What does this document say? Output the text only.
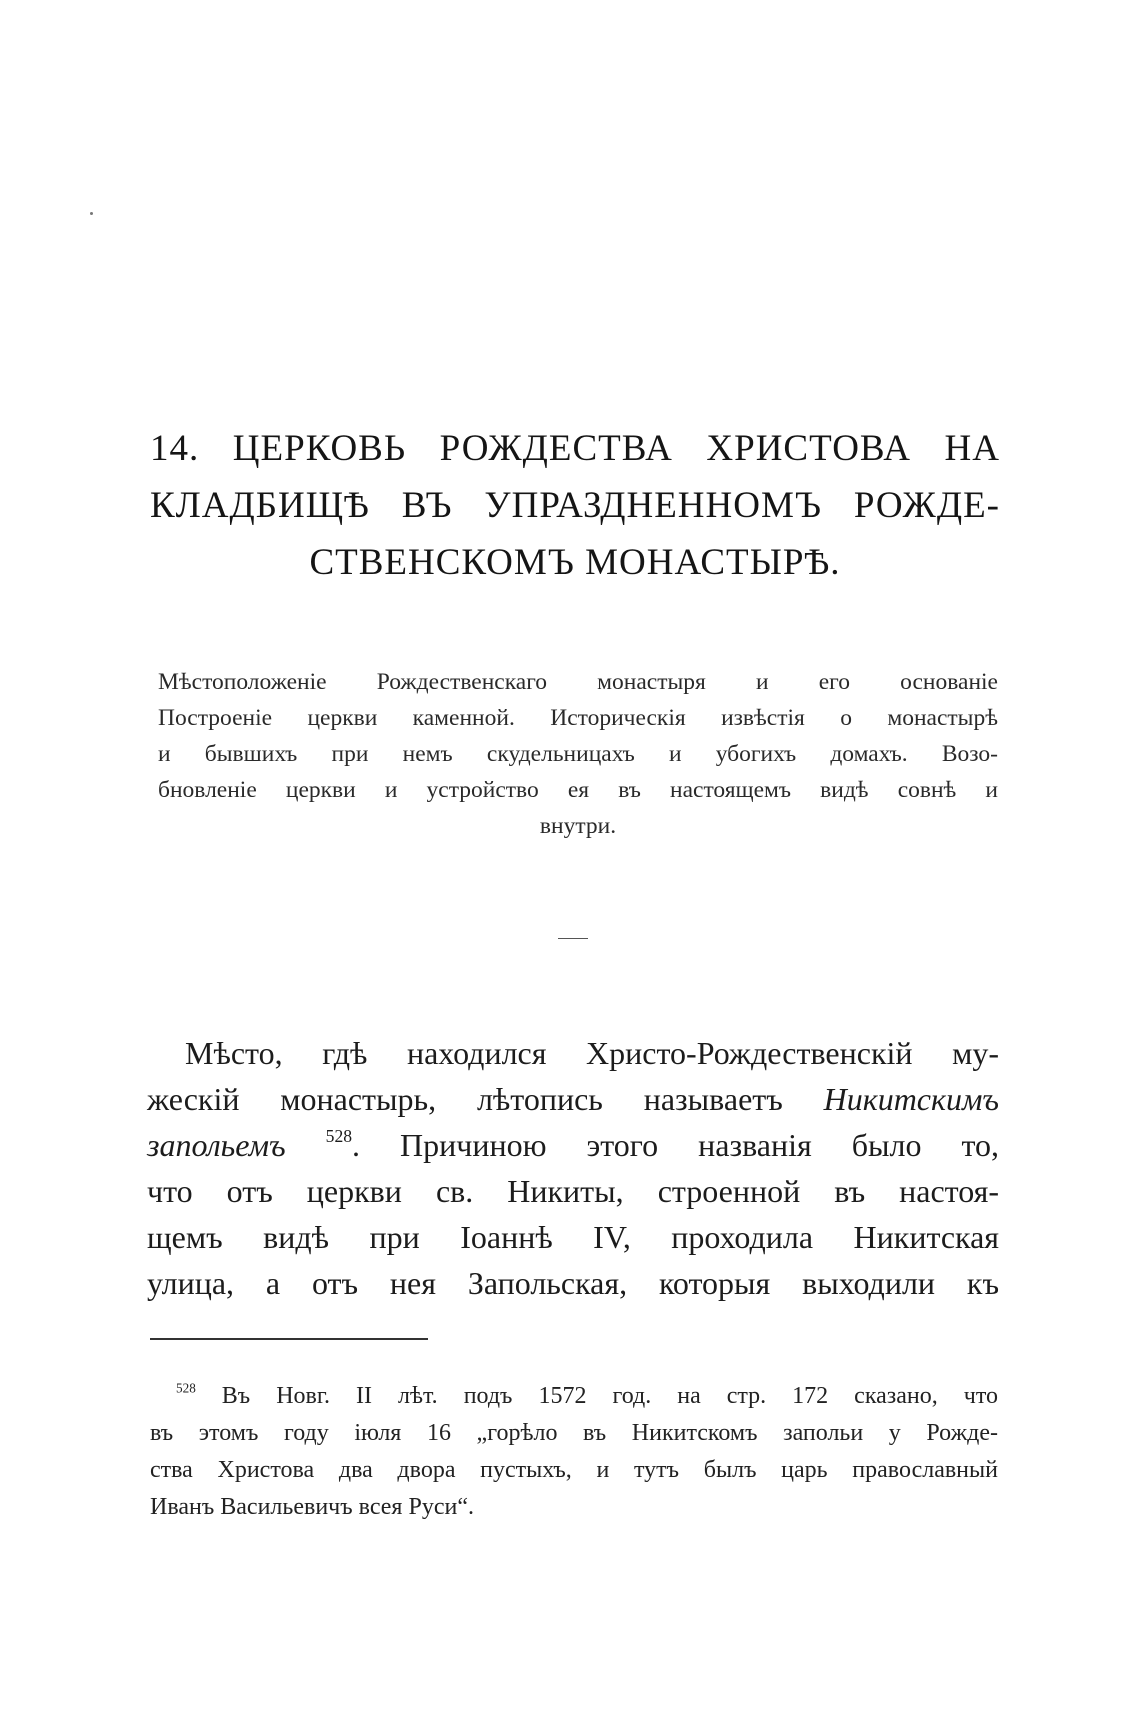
14. ЦЕРКОВЬ РОЖДЕСТВА ХРИСТОВА НА
КЛАДБИЩѢ ВЪ УПРАЗДНЕННОМЪ РОЖДЕ-
СТВЕНСКОМЪ МОНАСТЫРѢ.
Мѣстоположеніе Рождественскаго монастыря и его основаніе
Построеніе церкви каменной. Историческія извѣстія о монастырѣ
и бывшихъ при немъ скудельницахъ и убогихъ домахъ. Возо-
бновленіе церкви и устройство ея въ настоящемъ видѣ совнѣ и
внутри.
Мѣсто, гдѣ находился Христо-Рождественскій му-
жескій монастырь, лѣтопись называетъ Никитскимъ
запольемъ $^{528}$. Причиною этого названія было то,
что отъ церкви св. Никиты, строенной въ настоя-
щемъ видѣ при Іоаннѣ IV, проходила Никитская
улица, а отъ нея Запольская, которыя выходили къ
$^{528}$ Въ Новг. II лѣт. подъ 1572 год. на стр. 172 сказано, что
въ этомъ году іюля 16 „горѣло въ Никитскомъ запольи у Рожде-
ства Христова два двора пустыхъ, и тутъ былъ царь православный
Иванъ Васильевичъ всея Руси“.
